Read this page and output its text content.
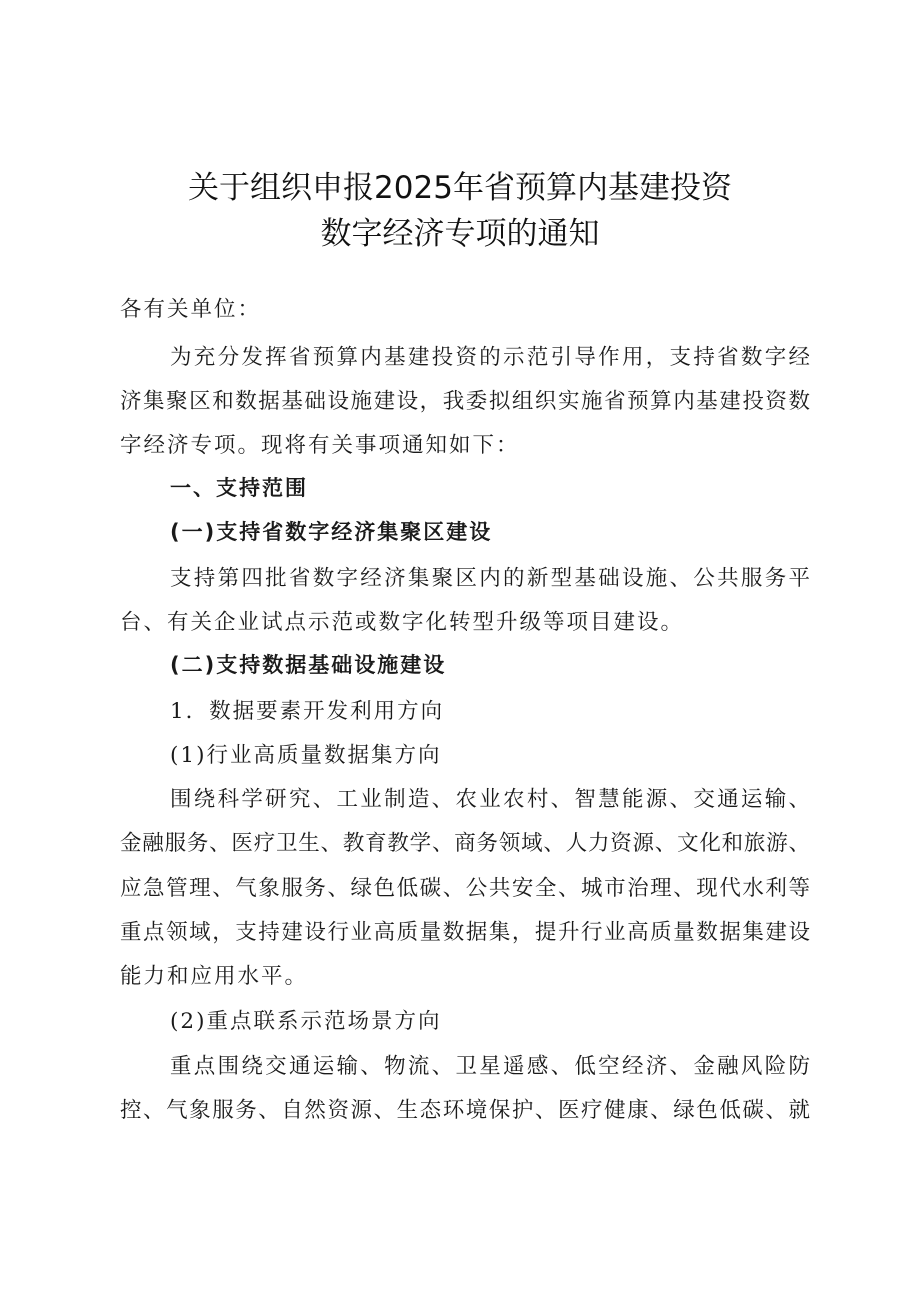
关于组织申报2025年省预算内基建投资
数字经济专项的通知
各有关单位：
为充分发挥省预算内基建投资的示范引导作用，支持省数字经
济集聚区和数据基础设施建设，我委拟组织实施省预算内基建投资数
字经济专项。现将有关事项通知如下：
一、支持范围
(一)支持省数字经济集聚区建设
支持第四批省数字经济集聚区内的新型基础设施、公共服务平
台、有关企业试点示范或数字化转型升级等项目建设。
(二)支持数据基础设施建设
1．数据要素开发利用方向
(1)行业高质量数据集方向
围绕科学研究、工业制造、农业农村、智慧能源、交通运输、
金融服务、医疗卫生、教育教学、商务领域、人力资源、文化和旅游、
应急管理、气象服务、绿色低碳、公共安全、城市治理、现代水利等
重点领域，支持建设行业高质量数据集，提升行业高质量数据集建设
能力和应用水平。
(2)重点联系示范场景方向
重点围绕交通运输、物流、卫星遥感、低空经济、金融风险防
控、气象服务、自然资源、生态环境保护、医疗健康、绿色低碳、就
